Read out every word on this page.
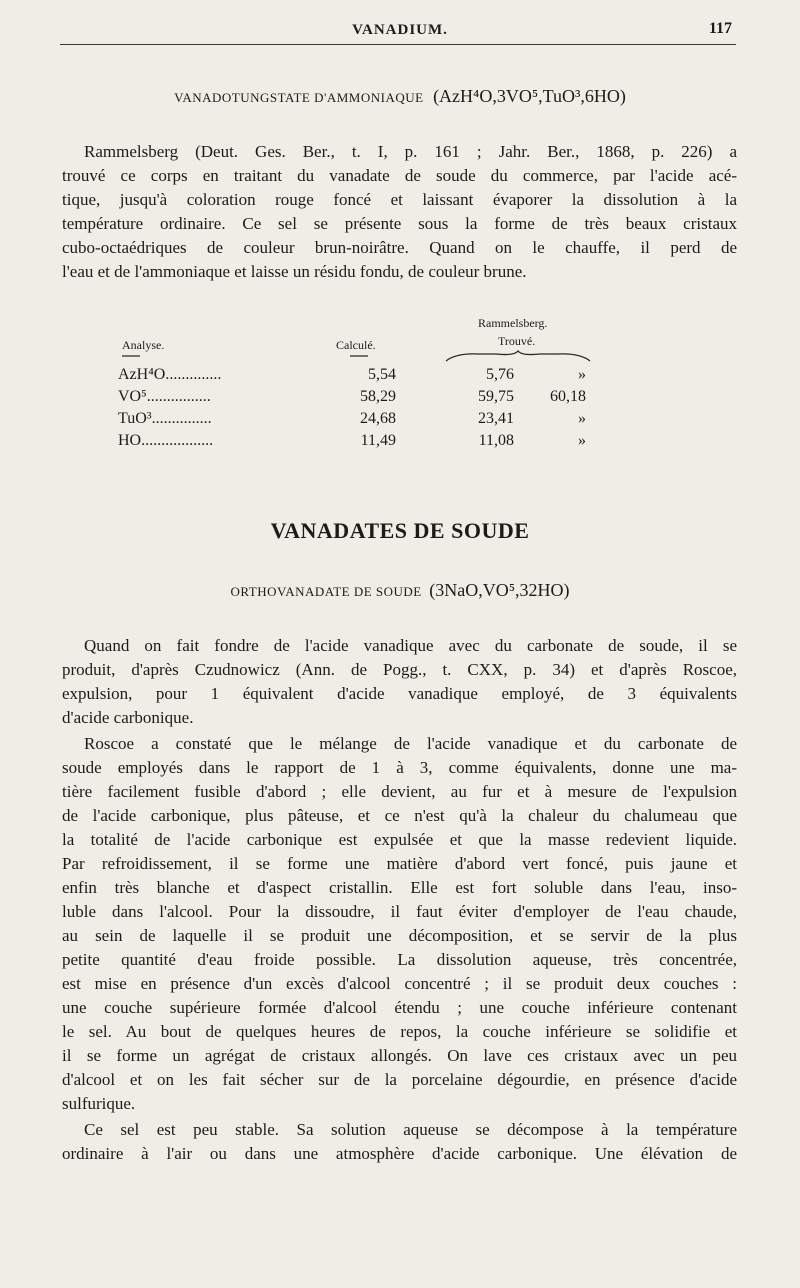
VANADIUM.	117
VANADOTUNGSTATE D'AMMONIAQUE (AzH⁴O,3VO⁵,TuO³,6HO)

Rammelsberg (Deut. Ges. Ber., t. I, p. 161 ; Jahr. Ber., 1868, p. 226) a
trouvé ce corps en traitant du vanadate de soude du commerce, par l'acide acé-
tique, jusqu'à coloration rouge foncé et laissant évaporer la dissolution à la
température ordinaire. Ce sel se présente sous la forme de très beaux cristaux
cubo-octaédriques de couleur brun-noirâtre. Quand on le chauffe, il perd de
l'eau et de l'ammoniaque et laisse un résidu fondu, de couleur brune.

Analyse.	Calculé.
Rammelsberg.
Trouvé.
AzH⁴O..............	5,54	5,76	»
VO⁵................	58,29	59,75	60,18
TuO³...............	24,68	23,41	»
HO..................	11,49	11,08	»
VANADATES DE SOUDE
ORTHOVANADATE DE SOUDE (3NaO,VO⁵,32HO)

Quand on fait fondre de l'acide vanadique avec du carbonate de soude, il se
produit, d'après Czudnowicz (Ann. de Pogg., t. CXX, p. 34) et d'après Roscoe,
expulsion, pour 1 équivalent d'acide vanadique employé, de 3 équivalents
d'acide carbonique.

Roscoe a constaté que le mélange de l'acide vanadique et du carbonate de
soude employés dans le rapport de 1 à 3, comme équivalents, donne une ma-
tière facilement fusible d'abord ; elle devient, au fur et à mesure de l'expulsion
de l'acide carbonique, plus pâteuse, et ce n'est qu'à la chaleur du chalumeau que
la totalité de l'acide carbonique est expulsée et que la masse redevient liquide.
Par refroidissement, il se forme une matière d'abord vert foncé, puis jaune et
enfin très blanche et d'aspect cristallin. Elle est fort soluble dans l'eau, inso-
luble dans l'alcool. Pour la dissoudre, il faut éviter d'employer de l'eau chaude,
au sein de laquelle il se produit une décomposition, et se servir de la plus
petite quantité d'eau froide possible. La dissolution aqueuse, très concentrée,
est mise en présence d'un excès d'alcool concentré ; il se produit deux couches :
une couche supérieure formée d'alcool étendu ; une couche inférieure contenant
le sel. Au bout de quelques heures de repos, la couche inférieure se solidifie et
il se forme un agrégat de cristaux allongés. On lave ces cristaux avec un peu
d'alcool et on les fait sécher sur de la porcelaine dégourdie, en présence d'acide
sulfurique.

Ce sel est peu stable. Sa solution aqueuse se décompose à la température
ordinaire à l'air ou dans une atmosphère d'acide carbonique. Une élévation de
